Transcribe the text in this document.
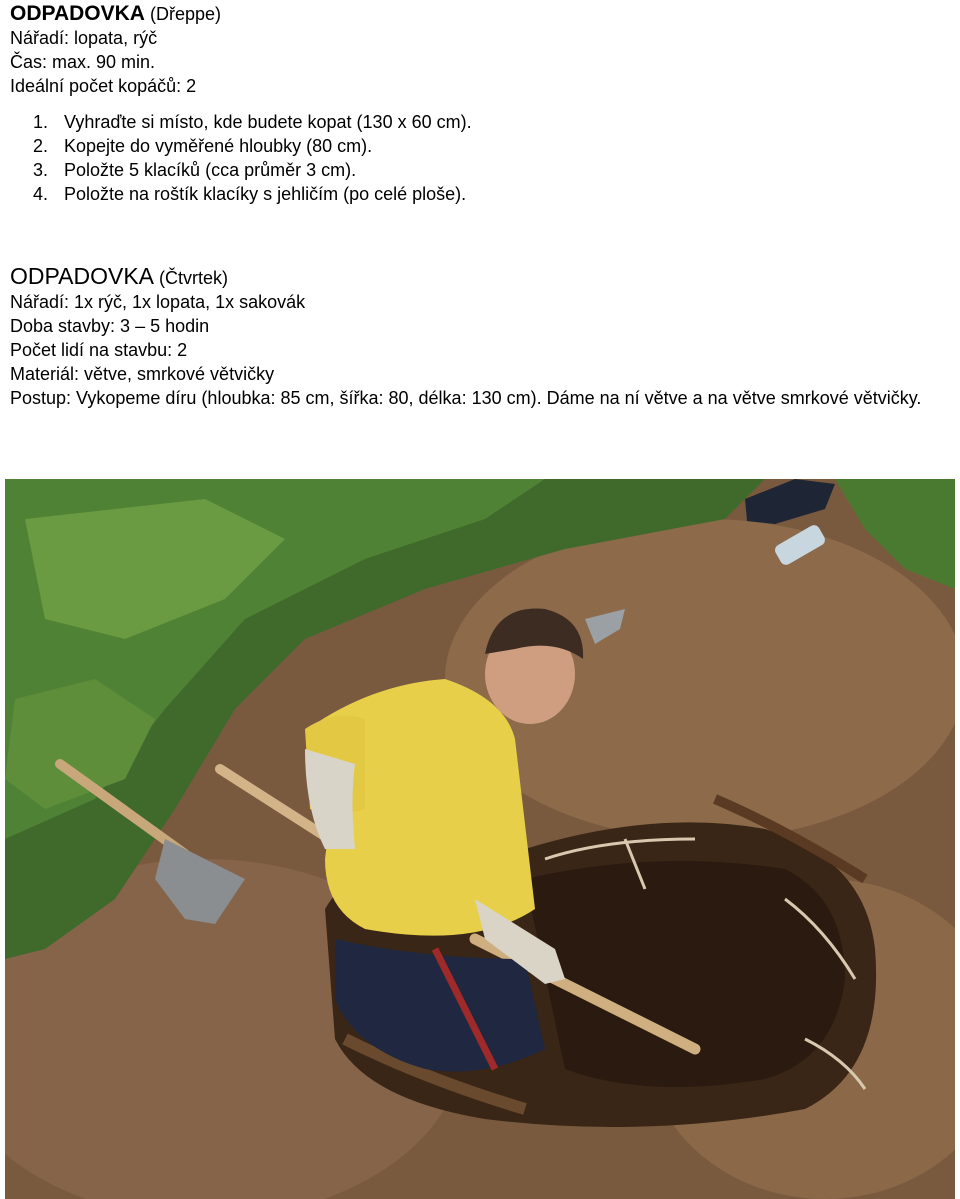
ODPADOVKA (Dřeppe)
Nářadí: lopata, rýč
Čas: max. 90 min.
Ideální počet kopáčů: 2
1. Vyhraďte si místo, kde budete kopat (130 x 60 cm).
2. Kopejte do vyměřené hloubky (80 cm).
3. Položte 5 klacíků (cca průměr 3 cm).
4. Položte na roštík klacíky s jehličím (po celé ploše).
ODPADOVKA (Čtvrtek)
Nářadí: 1x rýč, 1x lopata, 1x sakovák
Doba stavby: 3 – 5 hodin
Počet lidí na stavbu: 2
Materiál: větve, smrkové větvičky
Postup: Vykopeme díru (hloubka: 85 cm, šířka: 80, délka: 130 cm). Dáme na ní větve a na větve smrkové větvičky.
